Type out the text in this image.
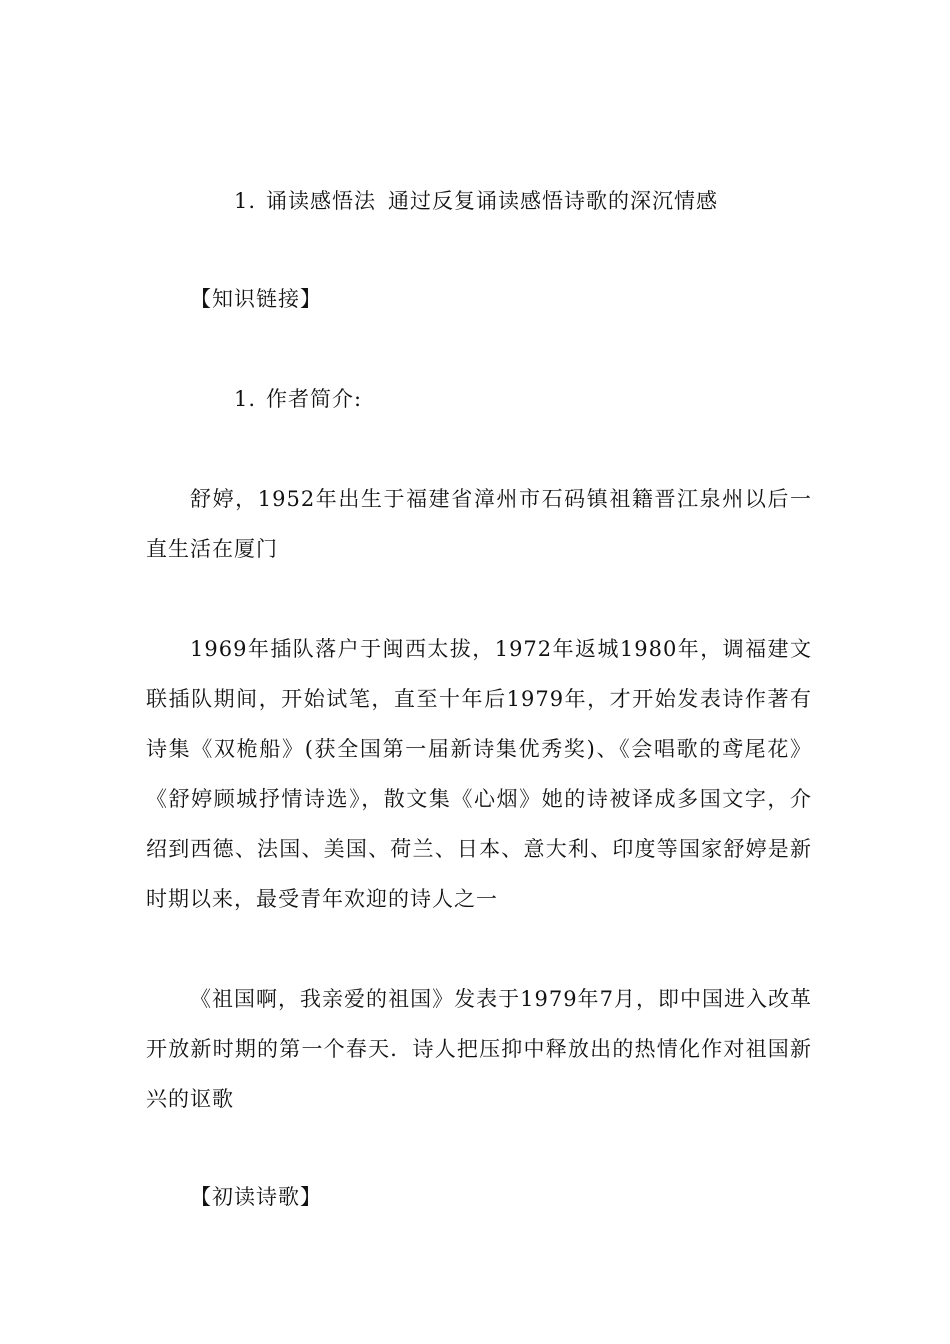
1. 诵读感悟法 通过反复诵读感悟诗歌的深沉情感

【知识链接】

1. 作者简介:

舒婷，1952年出生于福建省漳州市石码镇祖籍晋江泉州以后一直生活在厦门

1969年插队落户于闽西太拔，1972年返城1980年，调福建文联插队期间，开始试笔，直至十年后1979年，才开始发表诗作著有诗集《双桅船》(获全国第一届新诗集优秀奖)、《会唱歌的鸢尾花》《舒婷顾城抒情诗选》，散文集《心烟》她的诗被译成多国文字，介绍到西德、法国、美国、荷兰、日本、意大利、印度等国家舒婷是新时期以来，最受青年欢迎的诗人之一

《祖国啊，我亲爱的祖国》发表于1979年7月，即中国进入改革开放新时期的第一个春天．诗人把压抑中释放出的热情化作对祖国新兴的讴歌

【初读诗歌】
